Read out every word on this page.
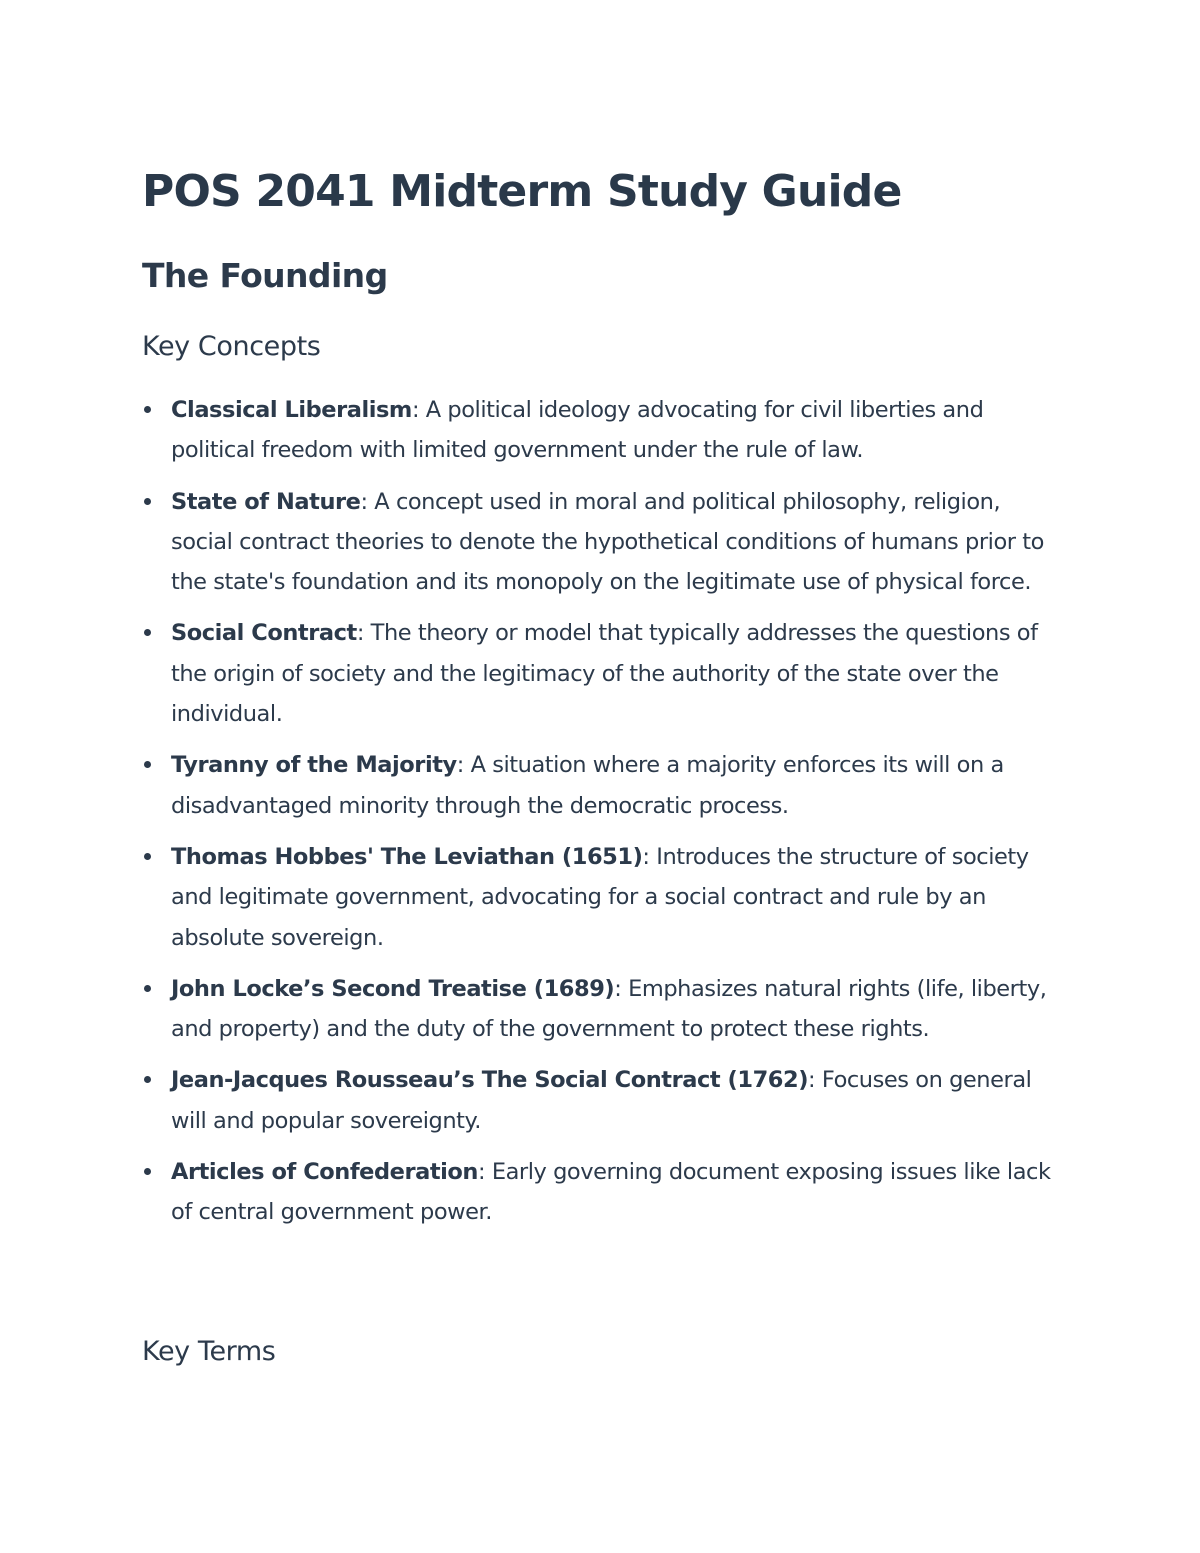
POS 2041 Midterm Study Guide
The Founding
Key Concepts
Classical Liberalism: A political ideology advocating for civil liberties and political freedom with limited government under the rule of law.
State of Nature: A concept used in moral and political philosophy, religion, social contract theories to denote the hypothetical conditions of humans prior to the state's foundation and its monopoly on the legitimate use of physical force.
Social Contract: The theory or model that typically addresses the questions of the origin of society and the legitimacy of the authority of the state over the individual.
Tyranny of the Majority: A situation where a majority enforces its will on a disadvantaged minority through the democratic process.
Thomas Hobbes' The Leviathan (1651): Introduces the structure of society and legitimate government, advocating for a social contract and rule by an absolute sovereign.
John Locke’s Second Treatise (1689): Emphasizes natural rights (life, liberty, and property) and the duty of the government to protect these rights.
Jean-Jacques Rousseau’s The Social Contract (1762): Focuses on general will and popular sovereignty.
Articles of Confederation: Early governing document exposing issues like lack of central government power.
Key Terms
